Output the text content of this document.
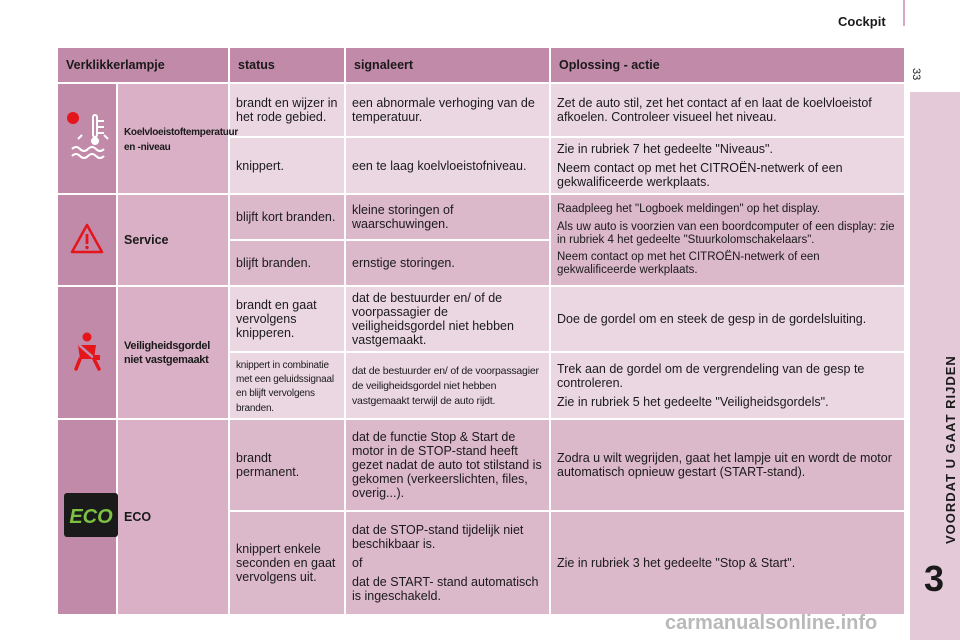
Cockpit
33
VOORDAT U GAAT RIJDEN
3
Verklikkerlampje		status	signaleert	Oplossing - actie
	Koelvloeistoftemperatuur en -niveau	brandt en wijzer in het rode gebied.	een abnormale verhoging van de temperatuur.	Zet de auto stil, zet het contact af en laat de koelvloeistof afkoelen. Controleer visueel het niveau.
		knippert.	een te laag koelvloeistofniveau.	Zie in rubriek 7 het gedeelte "Niveaus".

Neem contact op met het CITROËN-netwerk of een gekwalificeerde werkplaats.

	Service	blijft kort branden.	kleine storingen of waarschuwingen.	Raadpleeg het "Logboek meldingen" op het display.

Als uw auto is voorzien van een boordcomputer of een display: zie in rubriek 4 het gedeelte "Stuurkolomschakelaars".

Neem contact op met het CITROËN-netwerk of een gekwalificeerde werkplaats.

		blijft branden.	ernstige storingen.	
	Veiligheidsgordel niet vastgemaakt	brandt en gaat vervolgens knipperen.	dat de bestuurder en/ of de voorpassagier de veiligheidsgordel niet hebben vastgemaakt.	Doe de gordel om en steek de gesp in de gordelsluiting.
		knippert in combinatie met een geluidssignaal en blijft vervolgens branden.	dat de bestuurder en/ of de voorpassagier de veiligheidsgordel niet hebben vastgemaakt terwijl de auto rijdt.	Trek aan de gordel om de vergrendeling van de gesp te controleren.

Zie in rubriek 5 het gedeelte "Veiligheidsgordels".

ECO	ECO	brandt permanent.	dat de functie Stop & Start de motor in de STOP-stand heeft gezet nadat de auto tot stilstand is gekomen (verkeerslichten, files, overig...).	Zodra u wilt wegrijden, gaat het lampje uit en wordt de motor automatisch opnieuw gestart (START-stand).
		knippert enkele seconden en gaat vervolgens uit.	dat de STOP-stand tijdelijk niet beschikbaar is.

of

dat de START- stand automatisch is ingeschakeld.	Zie in rubriek 3 het gedeelte "Stop & Start".
carmanualsonline.info
